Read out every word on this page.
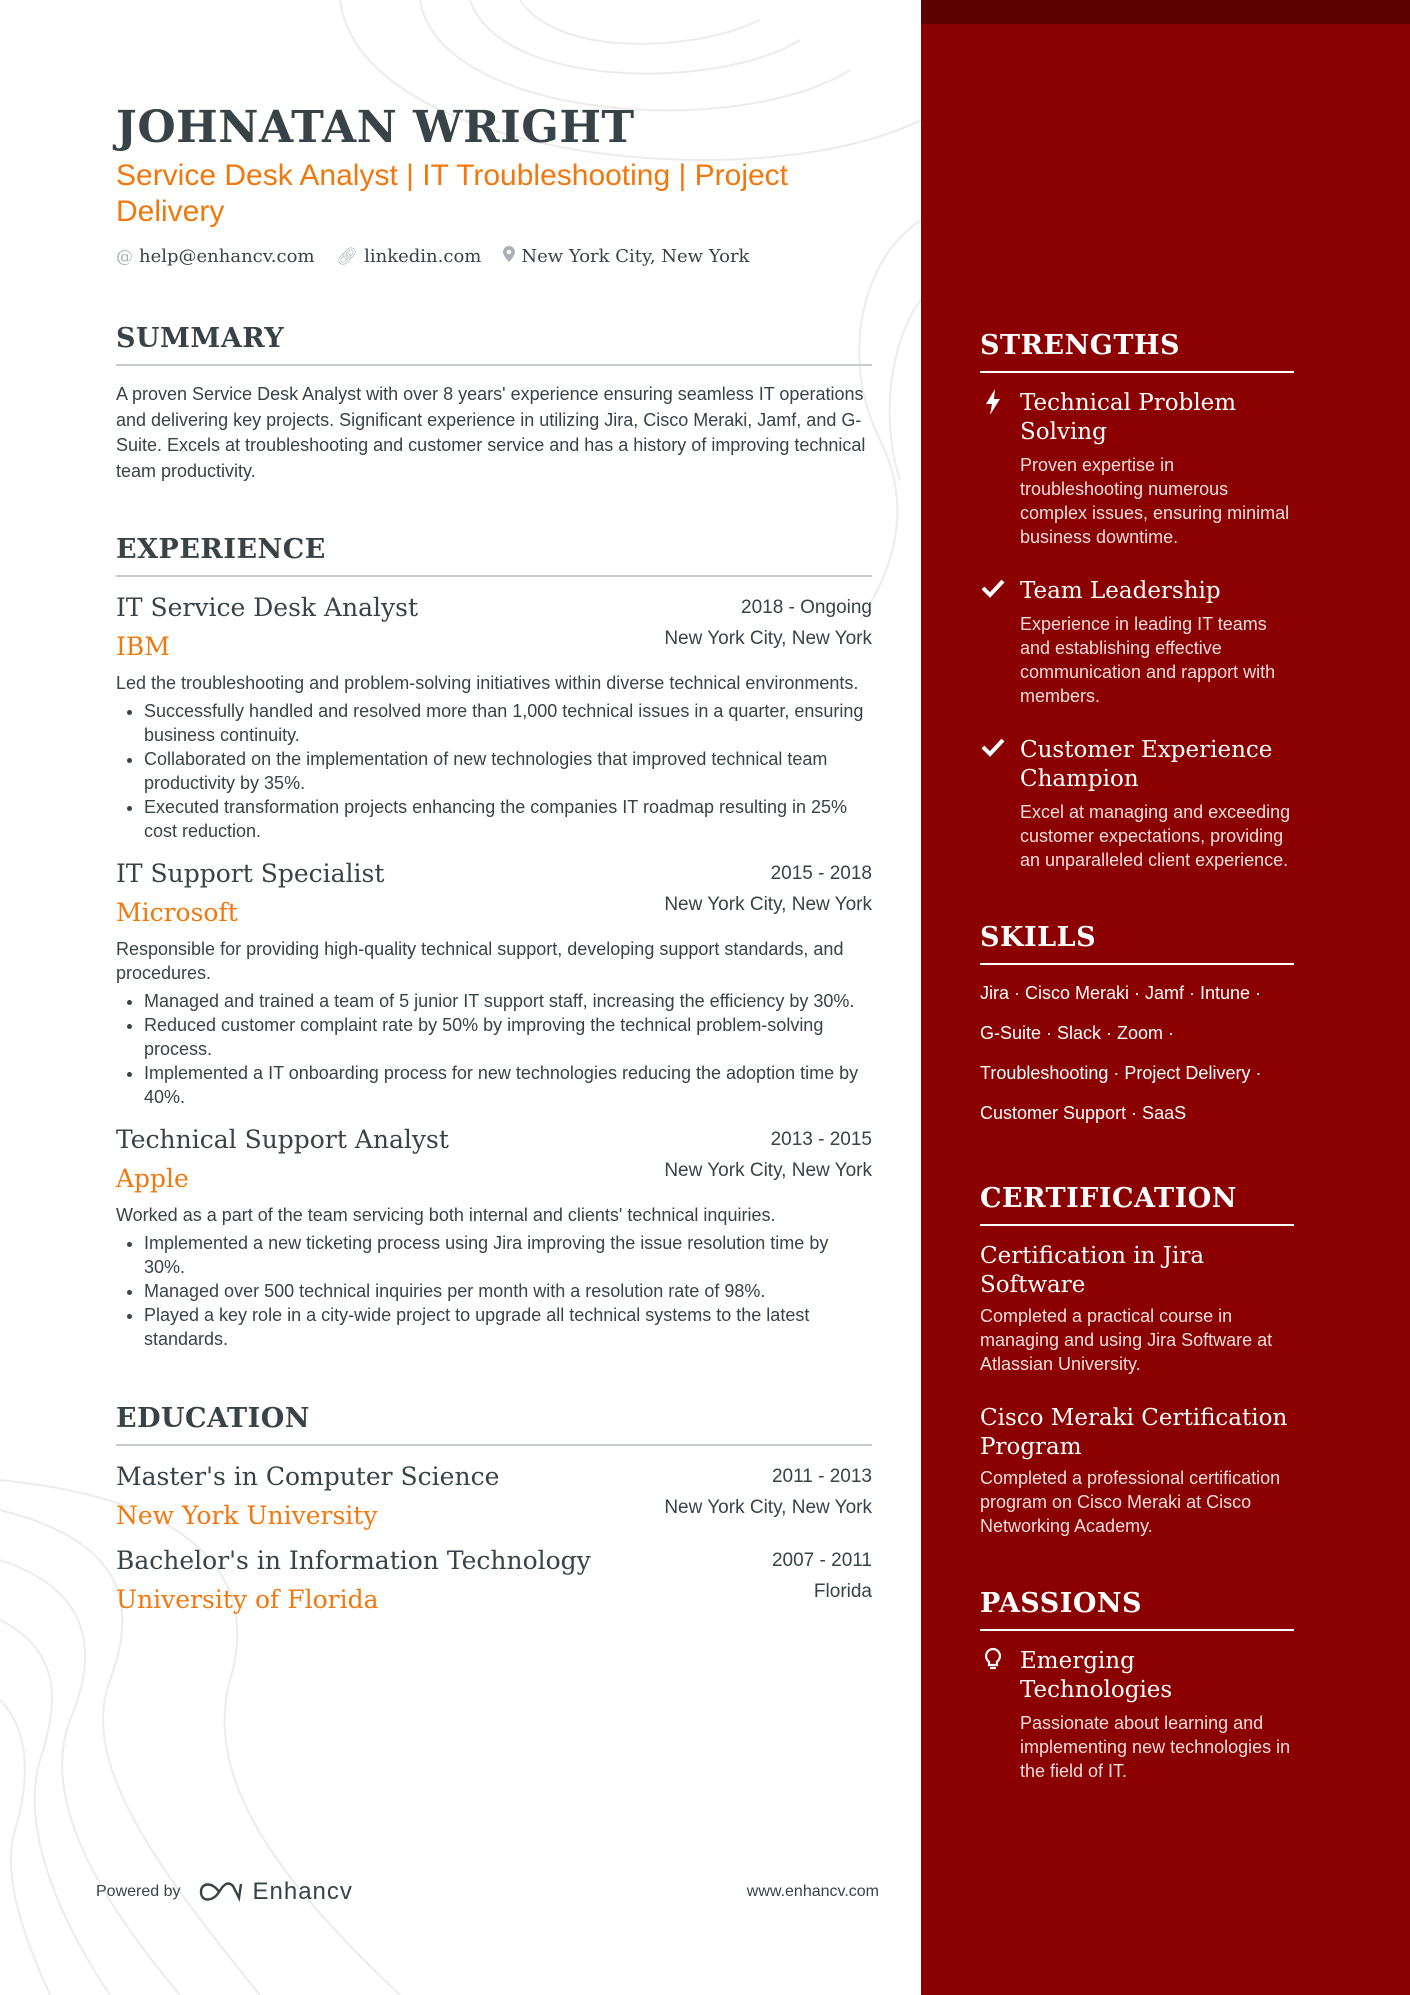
JOHNATAN WRIGHT
Service Desk Analyst | IT Troubleshooting | Project Delivery
@ help@enhancv.com 🔗︎ linkedin.com New York City, New York
SUMMARY
A proven Service Desk Analyst with over 8 years' experience ensuring seamless IT operations and delivering key projects. Significant experience in utilizing Jira, Cisco Meraki, Jamf, and G-Suite. Excels at troubleshooting and customer service and has a history of improving technical team productivity.
EXPERIENCE
IT Service Desk Analyst	2018 - Ongoing
IBM	New York City, New York
Led the troubleshooting and problem-solving initiatives within diverse technical environments.
• Successfully handled and resolved more than 1,000 technical issues in a quarter, ensuring business continuity.
• Collaborated on the implementation of new technologies that improved technical team productivity by 35%.
• Executed transformation projects enhancing the companies IT roadmap resulting in 25% cost reduction.
IT Support Specialist	2015 - 2018
Microsoft	New York City, New York
Responsible for providing high-quality technical support, developing support standards, and procedures.
• Managed and trained a team of 5 junior IT support staff, increasing the efficiency by 30%.
• Reduced customer complaint rate by 50% by improving the technical problem-solving process.
• Implemented a IT onboarding process for new technologies reducing the adoption time by 40%.
Technical Support Analyst	2013 - 2015
Apple	New York City, New York
Worked as a part of the team servicing both internal and clients' technical inquiries.
• Implemented a new ticketing process using Jira improving the issue resolution time by 30%.
• Managed over 500 technical inquiries per month with a resolution rate of 98%.
• Played a key role in a city-wide project to upgrade all technical systems to the latest standards.
EDUCATION
Master's in Computer Science	2011 - 2013
New York University	New York City, New York
Bachelor's in Information Technology	2007 - 2011
University of Florida	Florida
STRENGTHS
Technical Problem Solving
Proven expertise in troubleshooting numerous complex issues, ensuring minimal business downtime.
Team Leadership
Experience in leading IT teams and establishing effective communication and rapport with members.
Customer Experience Champion
Excel at managing and exceeding customer expectations, providing an unparalleled client experience.
SKILLS
Jira · Cisco Meraki · Jamf · Intune ·
G-Suite · Slack · Zoom ·
Troubleshooting · Project Delivery ·
Customer Support · SaaS
CERTIFICATION
Certification in Jira Software
Completed a practical course in managing and using Jira Software at Atlassian University.
Cisco Meraki Certification Program
Completed a professional certification program on Cisco Meraki at Cisco Networking Academy.
PASSIONS
Emerging Technologies
Passionate about learning and implementing new technologies in the field of IT.
Powered by	Enhancv	www.enhancv.com
